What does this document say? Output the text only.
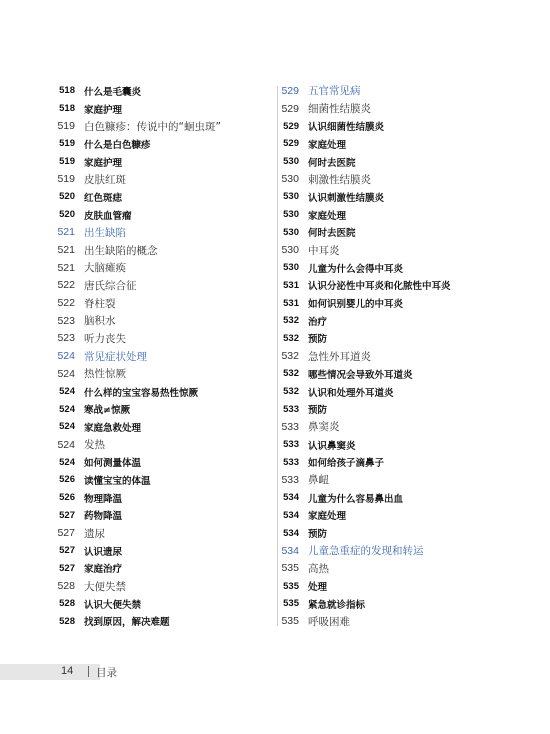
518 什么是毛囊炎
518 家庭护理
519 白色糠疹：传说中的“蛔虫斑”
519 什么是白色糠疹
519 家庭护理
519 皮肤红斑
520 红色斑痣
520 皮肤血管瘤
521 出生缺陷
521 出生缺陷的概念
521 大脑瘫痪
522 唐氏综合征
522 脊柱裂
523 脑积水
523 听力丧失
524 常见症状处理
524 热性惊厥
524 什么样的宝宝容易热性惊厥
524 寒战≠惊厥
524 家庭急救处理
524 发热
524 如何测量体温
526 读懂宝宝的体温
526 物理降温
527 药物降温
527 遗尿
527 认识遗尿
527 家庭治疗
528 大便失禁
528 认识大便失禁
528 找到原因，解决难题
529 五官常见病
529 细菌性结膜炎
529 认识细菌性结膜炎
529 家庭处理
530 何时去医院
530 刺激性结膜炎
530 认识刺激性结膜炎
530 家庭处理
530 何时去医院
530 中耳炎
530 儿童为什么会得中耳炎
531 认识分泌性中耳炎和化脓性中耳炎
531 如何识别婴儿的中耳炎
532 治疗
532 预防
532 急性外耳道炎
532 哪些情况会导致外耳道炎
532 认识和处理外耳道炎
533 预防
533 鼻窦炎
533 认识鼻窦炎
533 如何给孩子滴鼻子
533 鼻衄
534 儿童为什么容易鼻出血
534 家庭处理
534 预防
534 儿童急重症的发现和转运
535 高热
535 处理
535 紧急就诊指标
535 呼吸困难
14 目录
